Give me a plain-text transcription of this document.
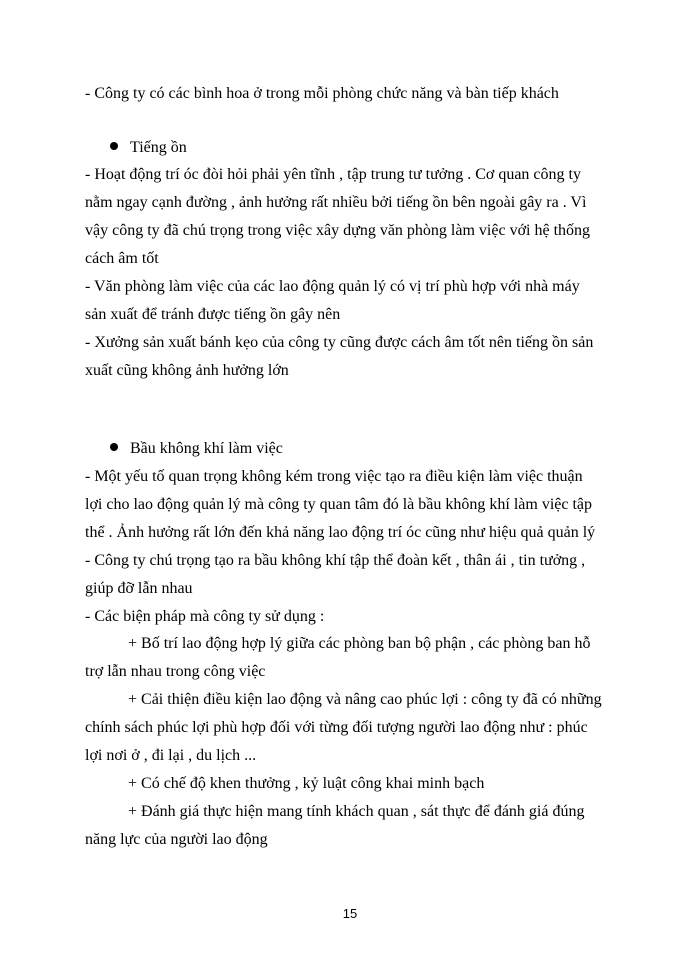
- Công ty có các bình hoa ở trong mỗi phòng chức năng và bàn tiếp khách
Tiếng ồn
- Hoạt động trí óc đòi hỏi phải yên tĩnh , tập trung tư tưởng . Cơ quan công ty
nằm ngay cạnh đường , ảnh hưởng rất nhiều bởi tiếng ồn bên ngoài gây ra . Vì
vậy công ty đã chú trọng trong việc xây dựng văn phòng làm việc với hệ thống
cách âm tốt
- Văn phòng làm việc của các lao động quản lý có vị trí phù hợp với nhà máy
sản xuất để tránh được tiếng ồn gây nên
- Xưởng sản xuất bánh kẹo của công ty cũng được cách âm tốt nên tiếng ồn sản
xuất cũng không ảnh hưởng lớn
Bầu không khí làm việc
- Một yếu tố quan trọng không kém trong việc tạo ra điều kiện làm việc thuận
lợi cho lao động quản lý mà công ty quan tâm đó là bầu không khí làm việc tập
thể . Ảnh hưởng rất lớn đến khả năng lao động trí óc cũng như hiệu quả quản lý
- Công ty chú trọng tạo ra bầu không khí tập thể đoàn kết , thân ái , tin tưởng ,
giúp đỡ lẫn nhau
- Các biện pháp mà công ty sử dụng :
+ Bố trí lao động hợp lý giữa các phòng ban bộ phận , các phòng ban hỗ
trợ lẫn nhau trong công việc
+ Cải thiện điều kiện lao động và nâng cao phúc lợi : công ty đã có những
chính sách phúc lợi phù hợp đối với từng đối tượng người lao động như : phúc
lợi nơi ở , đi lại , du lịch ...
+ Có chế độ khen thưởng , kỷ luật công khai minh bạch
+ Đánh giá thực hiện mang tính khách quan , sát thực để đánh giá đúng
năng lực của người lao động
15
